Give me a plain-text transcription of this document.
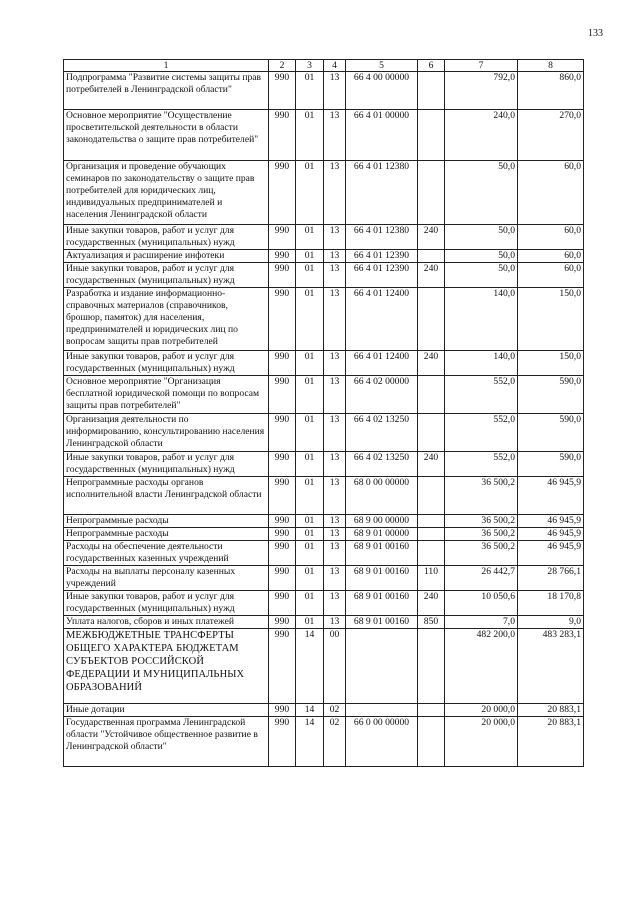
133
1	2	3	4	5	6	7	8
Подпрограмма "Развитие системы защиты прав потребителей в Ленинградской области"	990	01	13	66 4 00 00000		792,0	860,0
Основное мероприятие "Осуществление просветительской деятельности в области законодательства о защите прав потребителей"	990	01	13	66 4 01 00000		240,0	270,0
Организация и проведение обучающих семинаров по законодательству о защите прав потребителей для юридических лиц, индивидуальных предпринимателей и населения Ленинградской области	990	01	13	66 4 01 12380		50,0	60,0
Иные закупки товаров, работ и услуг для государственных (муниципальных) нужд	990	01	13	66 4 01 12380	240	50,0	60,0
Актуализация и расширение инфотеки	990	01	13	66 4 01 12390		50,0	60,0
Иные закупки товаров, работ и услуг для государственных (муниципальных) нужд	990	01	13	66 4 01 12390	240	50,0	60,0
Разработка и издание информационно-справочных материалов (справочников, брошюр, памяток) для населения, предпринимателей и юридических лиц по вопросам защиты прав потребителей	990	01	13	66 4 01 12400		140,0	150,0
Иные закупки товаров, работ и услуг для государственных (муниципальных) нужд	990	01	13	66 4 01 12400	240	140,0	150,0
Основное мероприятие "Организация бесплатной юридической помощи по вопросам защиты прав потребителей"	990	01	13	66 4 02 00000		552,0	590,0
Организация деятельности по информированию, консультированию населения Ленинградской области	990	01	13	66 4 02 13250		552,0	590,0
Иные закупки товаров, работ и услуг для государственных (муниципальных) нужд	990	01	13	66 4 02 13250	240	552,0	590,0
Непрограммные расходы органов исполнительной власти Ленинградской области	990	01	13	68 0 00 00000		36 500,2	46 945,9
Непрограммные расходы	990	01	13	68 9 00 00000		36 500,2	46 945,9
Непрограммные расходы	990	01	13	68 9 01 00000		36 500,2	46 945,9
Расходы на обеспечение деятельности государственных казенных учреждений	990	01	13	68 9 01 00160		36 500,2	46 945,9
Расходы на выплаты персоналу казенных учреждений	990	01	13	68 9 01 00160	110	26 442,7	28 766,1
Иные закупки товаров, работ и услуг для государственных (муниципальных) нужд	990	01	13	68 9 01 00160	240	10 050,6	18 170,8
Уплата налогов, сборов и иных платежей	990	01	13	68 9 01 00160	850	7,0	9,0
МЕЖБЮДЖЕТНЫЕ ТРАНСФЕРТЫ ОБЩЕГО ХАРАКТЕРА БЮДЖЕТАМ СУБЪЕКТОВ РОССИЙСКОЙ ФЕДЕРАЦИИ И МУНИЦИПАЛЬНЫХ ОБРАЗОВАНИЙ	990	14	00			482 200,0	483 283,1
Иные дотации	990	14	02			20 000,0	20 883,1
Государственная программа Ленинградской области "Устойчивое общественное развитие в Ленинградской области"	990	14	02	66 0 00 00000		20 000,0	20 883,1
